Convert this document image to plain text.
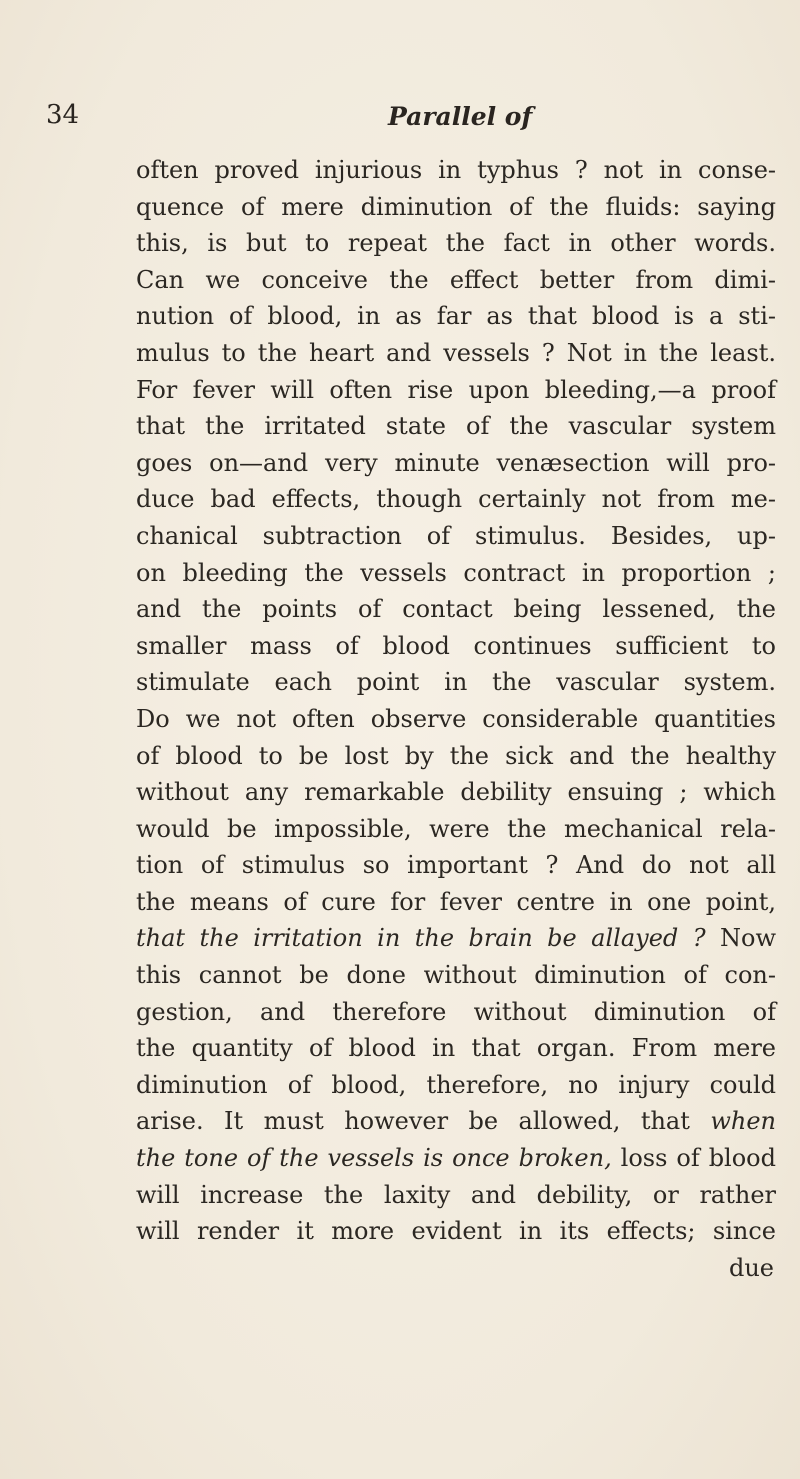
34	Parallel of
often proved injurious in typhus ? not in conse-
quence of mere diminution of the fluids: saying
this, is but to repeat the fact in other words.
Can we conceive the effect better from dimi-
nution of blood, in as far as that blood is a sti-
mulus to the heart and vessels ? Not in the least.
For fever will often rise upon bleeding,—a proof
that the irritated state of the vascular system
goes on—and very minute venæsection will pro-
duce bad effects, though certainly not from me-
chanical subtraction of stimulus. Besides, up-
on bleeding the vessels contract in proportion ;
and the points of contact being lessened, the
smaller mass of blood continues sufficient to
stimulate each point in the vascular system.
Do we not often observe considerable quantities
of blood to be lost by the sick and the healthy
without any remarkable debility ensuing ; which
would be impossible, were the mechanical rela-
tion of stimulus so important ? And do not all
the means of cure for fever centre in one point,
that the irritation in the brain be allayed ? Now
this cannot be done without diminution of con-
gestion, and therefore without diminution of
the quantity of blood in that organ. From mere
diminution of blood, therefore, no injury could
arise. It must however be allowed, that when
the tone of the vessels is once broken, loss of blood
will increase the laxity and debility, or rather
will render it more evident in its effects; since
due
